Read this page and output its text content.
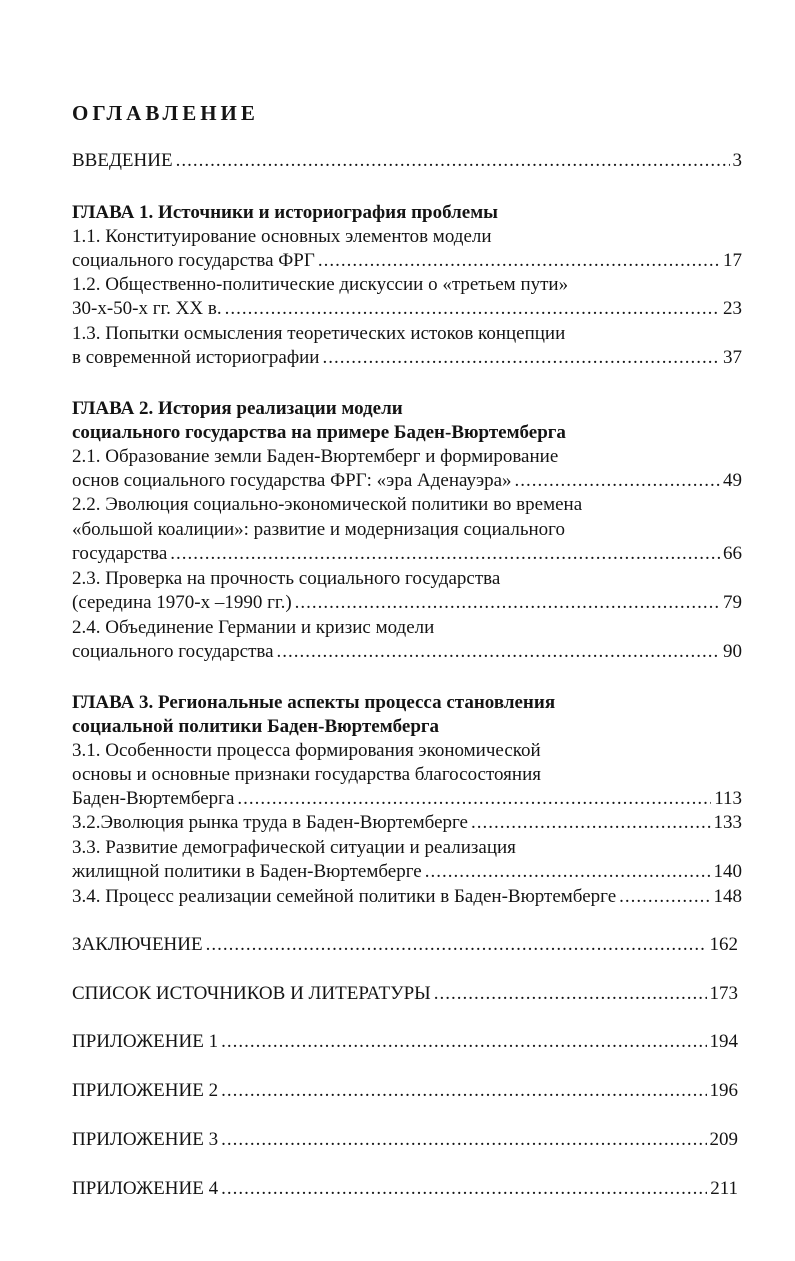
ОГЛАВЛЕНИЕ
ВВЕДЕНИЕ .....	3
ГЛАВА 1. Источники и историография проблемы
1.1. Конституирование основных элементов модели
социального государства ФРГ .....	17
1.2. Общественно-политические дискуссии о «третьем пути»
30-х-50-х гг. ХХ в. .....	23
1.3. Попытки осмысления теоретических истоков концепции
в современной историографии .....	37
ГЛАВА 2. История реализации модели
социального государства на примере Баден-Вюртемберга
2.1. Образование земли Баден-Вюртемберг и формирование
основ социального государства ФРГ: «эра Аденауэра» .....	49
2.2. Эволюция социально-экономической политики во времена
«большой коалиции»: развитие и модернизация социального
государства .....	66
2.3. Проверка на прочность социального государства
(середина 1970-х –1990 гг.) .....	79
2.4. Объединение Германии и кризис модели
социального государства .....	90
ГЛАВА 3. Региональные аспекты процесса становления
социальной политики Баден-Вюртемберга
3.1. Особенности процесса формирования экономической
основы и основные признаки государства благосостояния
Баден-Вюртемберга .....	113
3.2.Эволюция рынка труда в Баден-Вюртемберге .....	133
3.3. Развитие демографической ситуации и реализация
жилищной политики в Баден-Вюртемберге .....	140
3.4. Процесс реализации семейной политики в Баден-Вюртемберге .....	148
ЗАКЛЮЧЕНИЕ .....	162
СПИСОК ИСТОЧНИКОВ И ЛИТЕРАТУРЫ .....	173
ПРИЛОЖЕНИЕ 1 .....	194
ПРИЛОЖЕНИЕ 2 .....	196
ПРИЛОЖЕНИЕ 3 .....	209
ПРИЛОЖЕНИЕ 4 .....	211
